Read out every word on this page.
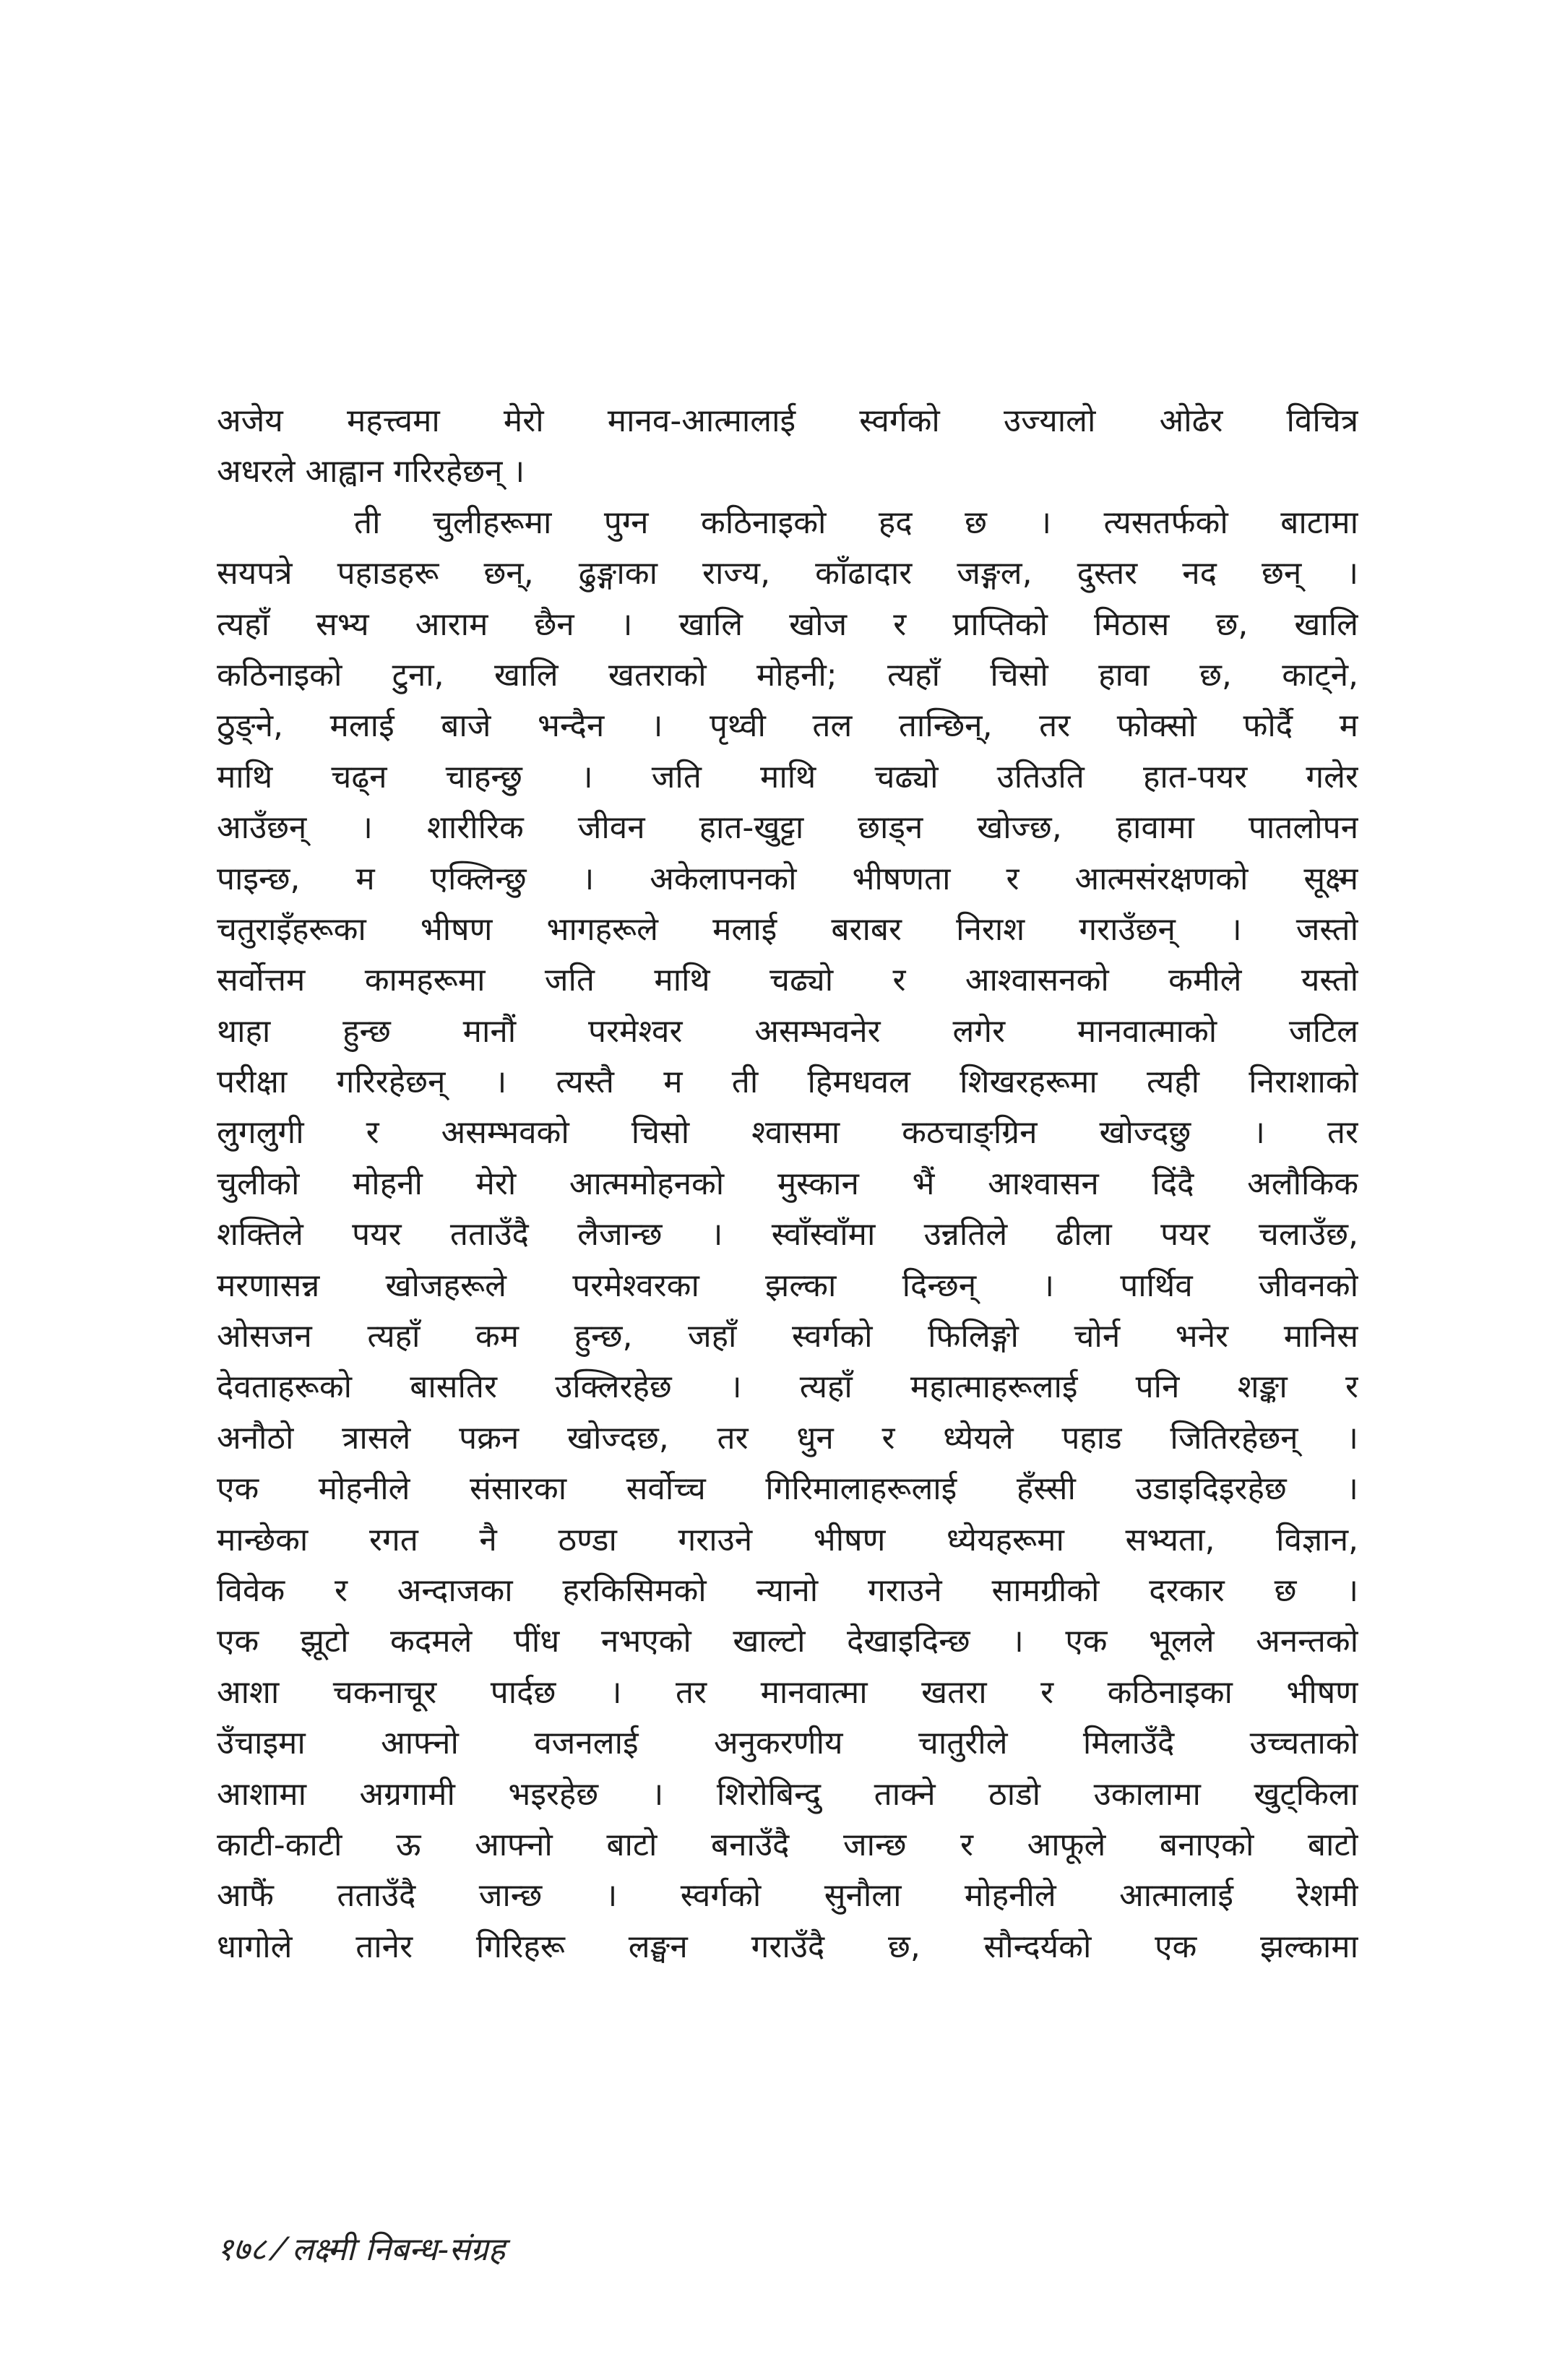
अजेय महत्त्वमा मेरो मानव-आत्मालाई स्वर्गको उज्यालो ओढेर विचित्र
अधरले आह्वान गरिरहेछन् ।
ती चुलीहरूमा पुग्न कठिनाइको हद छ । त्यसतर्फको बाटामा
सयपत्रे पहाडहरू छन्, ढुङ्गाका राज्य, काँढादार जङ्गल, दुस्तर नद छन् ।
त्यहाँ सभ्य आराम छैन । खालि खोज र प्राप्तिको मिठास छ, खालि
कठिनाइको टुना, खालि खतराको मोहनी; त्यहाँ चिसो हावा छ, काट्ने,
ठुङ्ने, मलाई बाजे भन्दैन । पृथ्वी तल तान्छिन्, तर फोक्सो फोर्दै म
माथि चढ्न चाहन्छु । जति माथि चढ्यो उतिउति हात-पयर गलेर
आउँछन् । शारीरिक जीवन हात-खुट्टा छाड्न खोज्छ, हावामा पातलोपन
पाइन्छ, म एक्लिन्छु । अकेलापनको भीषणता र आत्मसंरक्षणको सूक्ष्म
चतुराइँहरूका भीषण भागहरूले मलाई बराबर निराश गराउँछन् । जस्तो
सर्वोत्तम कामहरूमा जति माथि चढ्यो र आश्वासनको कमीले यस्तो
थाहा हुन्छ मानौं परमेश्वर असम्भवनेर लगेर मानवात्माको जटिल
परीक्षा गरिरहेछन् । त्यस्तै म ती हिमधवल शिखरहरूमा त्यही निराशाको
लुगलुगी र असम्भवको चिसो श्वासमा कठचाङ्ग्रिन खोज्दछु । तर
चुलीको मोहनी मेरो आत्ममोहनको मुस्कान भैं आश्वासन दिंदै अलौकिक
शक्तिले पयर तताउँदै लैजान्छ । स्वाँस्वाँमा उन्नतिले ढीला पयर चलाउँछ,
मरणासन्न खोजहरूले परमेश्वरका झल्का दिन्छन् । पार्थिव जीवनको
ओसजन त्यहाँ कम हुन्छ, जहाँ स्वर्गको फिलिङ्गो चोर्न भनेर मानिस
देवताहरूको बासतिर उक्लिरहेछ । त्यहाँ महात्माहरूलाई पनि शङ्का र
अनौठो त्रासले पक्रन खोज्दछ, तर धुन र ध्येयले पहाड जितिरहेछन् ।
एक मोहनीले संसारका सर्वोच्च गिरिमालाहरूलाई हँस्सी उडाइदिइरहेछ ।
मान्छेका रगत नै ठण्डा गराउने भीषण ध्येयहरूमा सभ्यता, विज्ञान,
विवेक र अन्दाजका हरकिसिमको न्यानो गराउने सामग्रीको दरकार छ ।
एक झूटो कदमले पींध नभएको खाल्टो देखाइदिन्छ । एक भूलले अनन्तको
आशा चकनाचूर पार्दछ । तर मानवात्मा खतरा र कठिनाइका भीषण
उँचाइमा आफ्नो वजनलाई अनुकरणीय चातुरीले मिलाउँदै उच्चताको
आशामा अग्रगामी भइरहेछ । शिरोबिन्दु ताक्ने ठाडो उकालामा खुट्किला
काटी-काटी ऊ आफ्नो बाटो बनाउँदै जान्छ र आफूले बनाएको बाटो
आफैं तताउँदै जान्छ । स्वर्गको सुनौला मोहनीले आत्मालाई रेशमी
धागोले तानेर गिरिहरू लङ्घन गराउँदै छ, सौन्दर्यको एक झल्कामा
१७८ ⁄ लक्ष्मी निबन्ध-संग्रह
